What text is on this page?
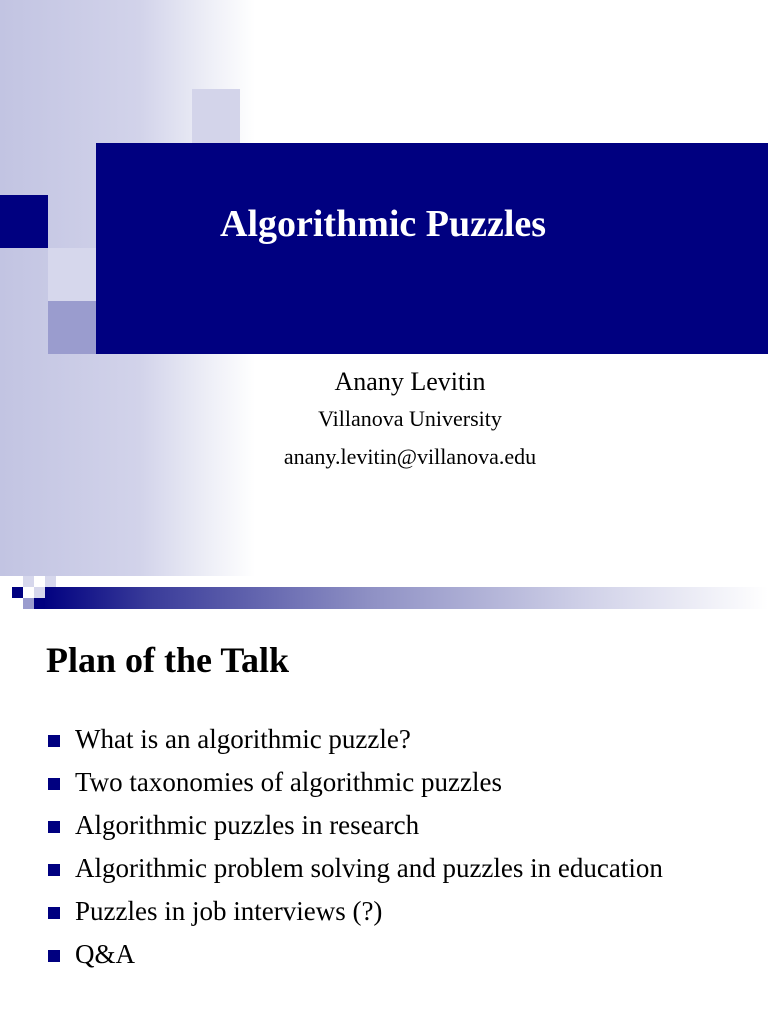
Algorithmic Puzzles
Anany Levitin
Villanova University
anany.levitin@villanova.edu
Plan of the Talk
What is an algorithmic puzzle?
Two taxonomies of algorithmic puzzles
Algorithmic puzzles in research
Algorithmic problem solving and puzzles in education
Puzzles in job interviews (?)
Q&A
